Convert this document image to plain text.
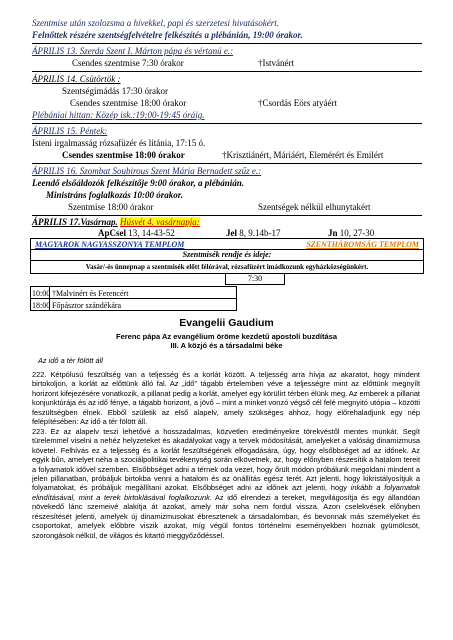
Szentmise után szolozsma a hívekkel, papi és szerzetesi hivatásokért.
Felnőttek részére szentségfelvételre felkészítés a plébánián, 19:00 órakor.
ÁPRILIS 13. Szerda Szent I. Márton pápa és vértanú e.:
Csendes szentmise 7:30 órakor	†Istvánért
ÁPRILIS 14. Csütörtök :
Szentségimádás 17:30 órakor
Csendes szentmise 18:00 órakor	†Csordás Eörs atyáért
Plébániai hittan: Közép isk.:19:00-19:45 óráig.
ÁPRILIS 15. Péntek:
Isteni irgalmasság rózsafüzér és litánia, 17:15 ó.
Csendes szentmise 18:00 órakor	†Krisztiánért, Máriáért, Elemérért és Emilért
ÁPRILIS 16. Szombat Soubirous Szent Mária Bernadett szűz e.:
Leendő elsőáldozók felkészítője 9:00 órakor, a plébánián.
Ministráns foglalkozás 10:00 órakor.
Szentmise 18:00 órakor	Szentségek nélkül elhunytakért
ÁPRILIS 17.Vasárnap. Húsvét 4. vasárnapja:
ApCsel 13, 14-43-52	Jel 8, 9.14b-17	Jn 10, 27-30
MAGYAROK NAGYASSZONYA TEMPLOM	SZENTHÁROMSÁG TEMPLOM
Szentmisék rendje és ideje:
Vasár/-és ünnepnap a szentmisék előtt félórával, rózsafüzért imádkozunk egyházközségünkért.
7:30
10:00 †Malvinért és Ferencért
18:00 Főpásztor szándékára
Evangelii Gaudium
Ferenc pápa Az evangélium öröme kezdetű apostoli buzdítása
III. A közjó és a társadalmi béke
Az idő a tér fölött áll

222. Kétpólusú feszültség van a teljesség és a korlát között. A teljesség arra hívja az akaratot, hogy mindent birtokoljon, a korlát az előttünk álló fal. Az „idő” tágabb értelemben véve a teljességre mint az előttünk megnyílt horizont kifejezésére vonatkozik, a pillanat pedig a korlát, amelyet egy körülírt térben élünk meg. Az emberek a pillanat konjunktúrája és az idő fénye, a tágabb horizont, a jövő – mint a minket vonzó végső cél felé megnyitó utópia – közötti feszültségben élnek. Ebből születik az első alapelv, amely szükséges ahhoz, hogy előrehaladjunk egy nép felépítésében: Az idő a tér fölött áll.

223. Ez az alapelv teszi lehetővé a hosszadalmas, közvetlen eredményekre törekvéstől mentes munkát. Segít türelemmel viselni a nehéz helyzeteket és akadályokat vagy a tervek módosítását, amelyeket a valóság dinamizmusa követel. Felhívás ez a teljesség és a korlát feszültségének elfogadására, úgy, hogy elsőbbséget ad az időnek. Az egyik bűn, amelyet néha a szociálpolitikai tevékenység során elkövetnek, az, hogy előnyben részesítik a hatalom tereit a folyamatok idővel szemben. Elsőbbséget adni a térnek oda vezet, hogy őrült módon próbálunk megoldani mindent a jelen pillanatban, próbáljuk birtokba venni a hatalom és az önállítás egész terét. Azt jelenti, hogy kikristályosítjuk a folyamatokat, és próbáljuk megállítani azokat. Elsőbbséget adni az időnek azt jelenti, hogy inkább a folyamatok elindításával, mint a terek birtoklásával foglalkozunk. Az idő elrendezi a tereket, megvilágosítja és egy állandóan növekedő lánc szemeivé alakítja át azokat, amely már soha nem fordul vissza. Azon cselekvések előnyben részesítését jelenti, amelyek új dinamizmusokat ébresztenek a társadalomban, és bevonnak más személyeket és csoportokat, amelyek előbbre viszik azokat, míg végül fontos történelmi eseményekben hoznak gyümölcsöt, szorongások nélkül, de világos és kitartó meggyőződéssel.
